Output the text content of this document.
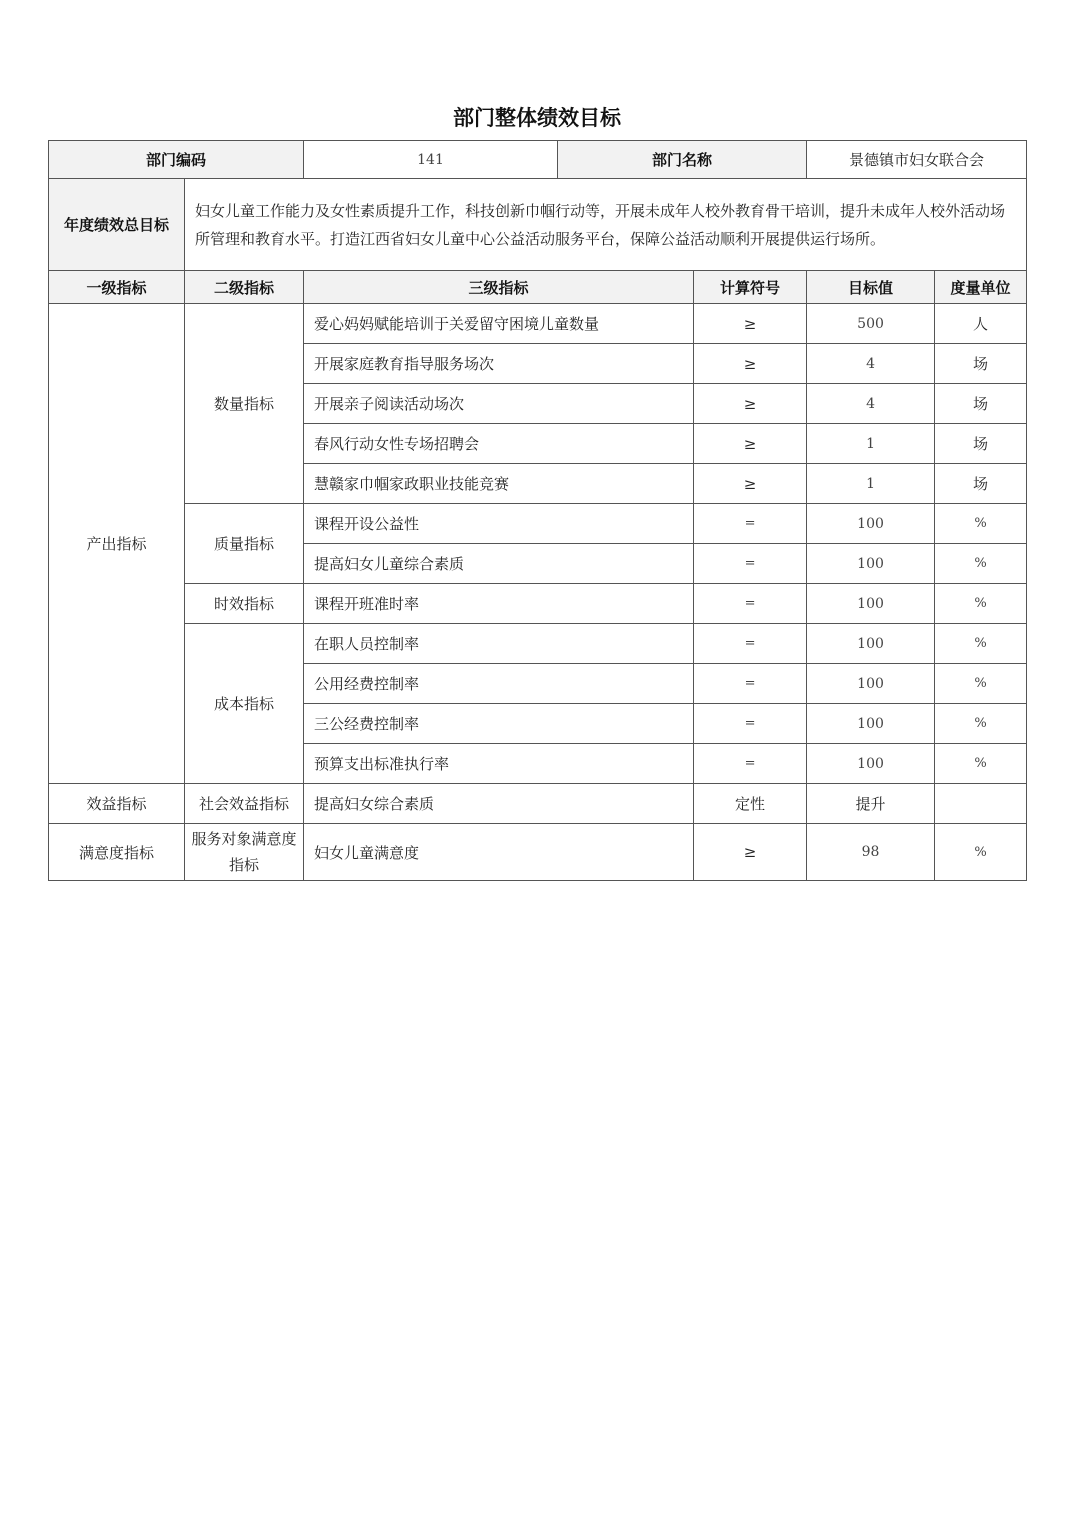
部门整体绩效目标
部门编码		141	部门名称		景德镇市妇女联合会	
年度绩效总目标	妇女儿童工作能力及女性素质提升工作，科技创新巾帼行动等，开展未成年人校外教育骨干培训，提升未成年人校外活动场所管理和教育水平。打造江西省妇女儿童中心公益活动服务平台，保障公益活动顺利开展提供运行场所。					
一级指标	二级指标	三级指标		计算符号	目标值	度量单位
产出指标	数量指标	爱心妈妈赋能培训于关爱留守困境儿童数量		≥	500	人
		开展家庭教育指导服务场次		≥	4	场
		开展亲子阅读活动场次		≥	4	场
		春风行动女性专场招聘会		≥	1	场
		慧赣家巾帼家政职业技能竞赛		≥	1	场
	质量指标	课程开设公益性		=	100	%
		提高妇女儿童综合素质		=	100	%
	时效指标	课程开班准时率		=	100	%
	成本指标	在职人员控制率		=	100	%
		公用经费控制率		=	100	%
		三公经费控制率		=	100	%
		预算支出标准执行率		=	100	%
效益指标	社会效益指标	提高妇女综合素质		定性	提升	
满意度指标	服务对象满意度指标	妇女儿童满意度		≥	98	%
